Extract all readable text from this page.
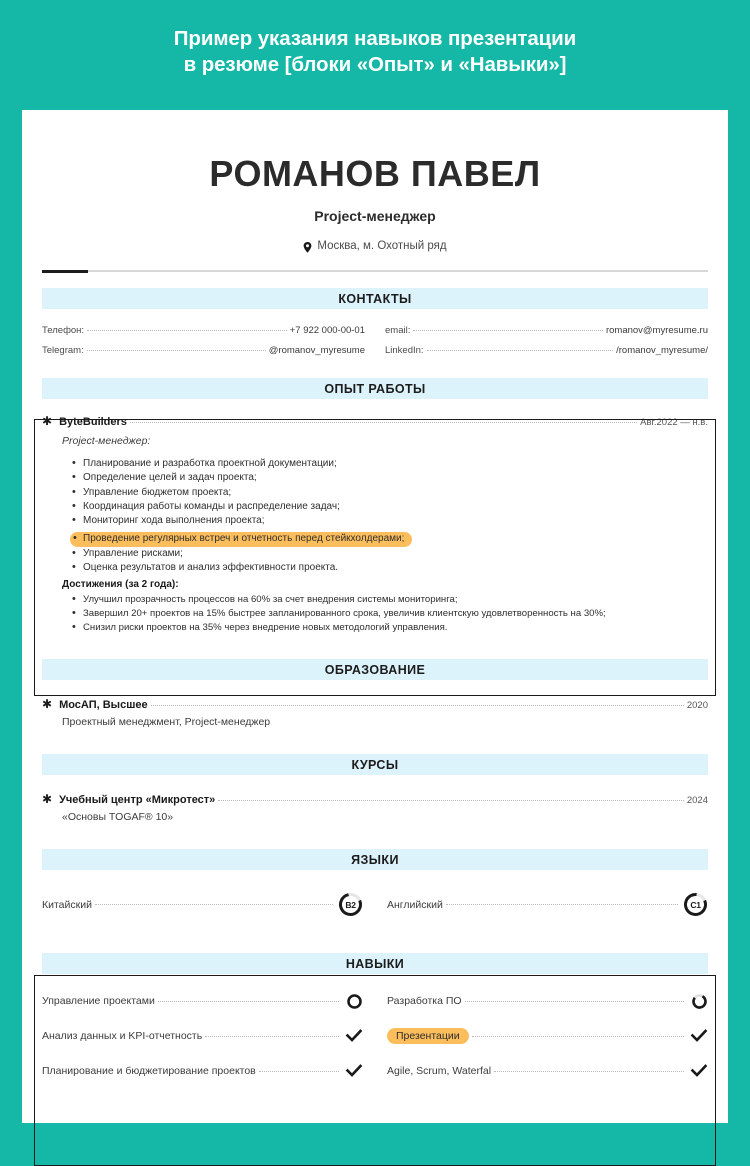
Пример указания навыков презентации
в резюме [блоки «Опыт» и «Навыки»]
РОМАНОВ ПАВЕЛ
Project-менеджер
Москва, м. Охотный ряд
КОНТАКТЫ
Телефон:	+7 922 000-00-01 email:	romanov@myresume.ru
Telegram:	@romanov_myresume LinkedIn:	/romanov_myresume/
ОПЫТ РАБОТЫ
✱ ByteBuilders	Авг.2022 — н.в.
Project-менеджер:
• Планирование и разработка проектной документации;
• Определение целей и задач проекта;
• Управление бюджетом проекта;
• Координация работы команды и распределение задач;
• Мониторинг хода выполнения проекта;
• Проведение регулярных встреч и отчетность перед стейкхолдерами;
• Управление рисками;
• Оценка результатов и анализ эффективности проекта.
Достижения (за 2 года):
• Улучшил прозрачность процессов на 60% за счет внедрения системы мониторинга;
• Завершил 20+ проектов на 15% быстрее запланированного срока, увеличив клиентскую удовлетворенность на 30%;
• Снизил риски проектов на 35% через внедрение новых методологий управления.
ОБРАЗОВАНИЕ
✱ МосАП, Высшее	2020
Проектный менеджмент, Project-менеджер
КУРСЫ
✱ Учебный центр «Микротест»	2024
«Основы TOGAF® 10»
ЯЗЫКИ
Китайский	B2	Английский	C1
НАВЫКИ
Управление проектами	Разработка ПО
Анализ данных и KPI-отчетность	Презентации
Планирование и бюджетирование проектов	Agile, Scrum, Waterfal
